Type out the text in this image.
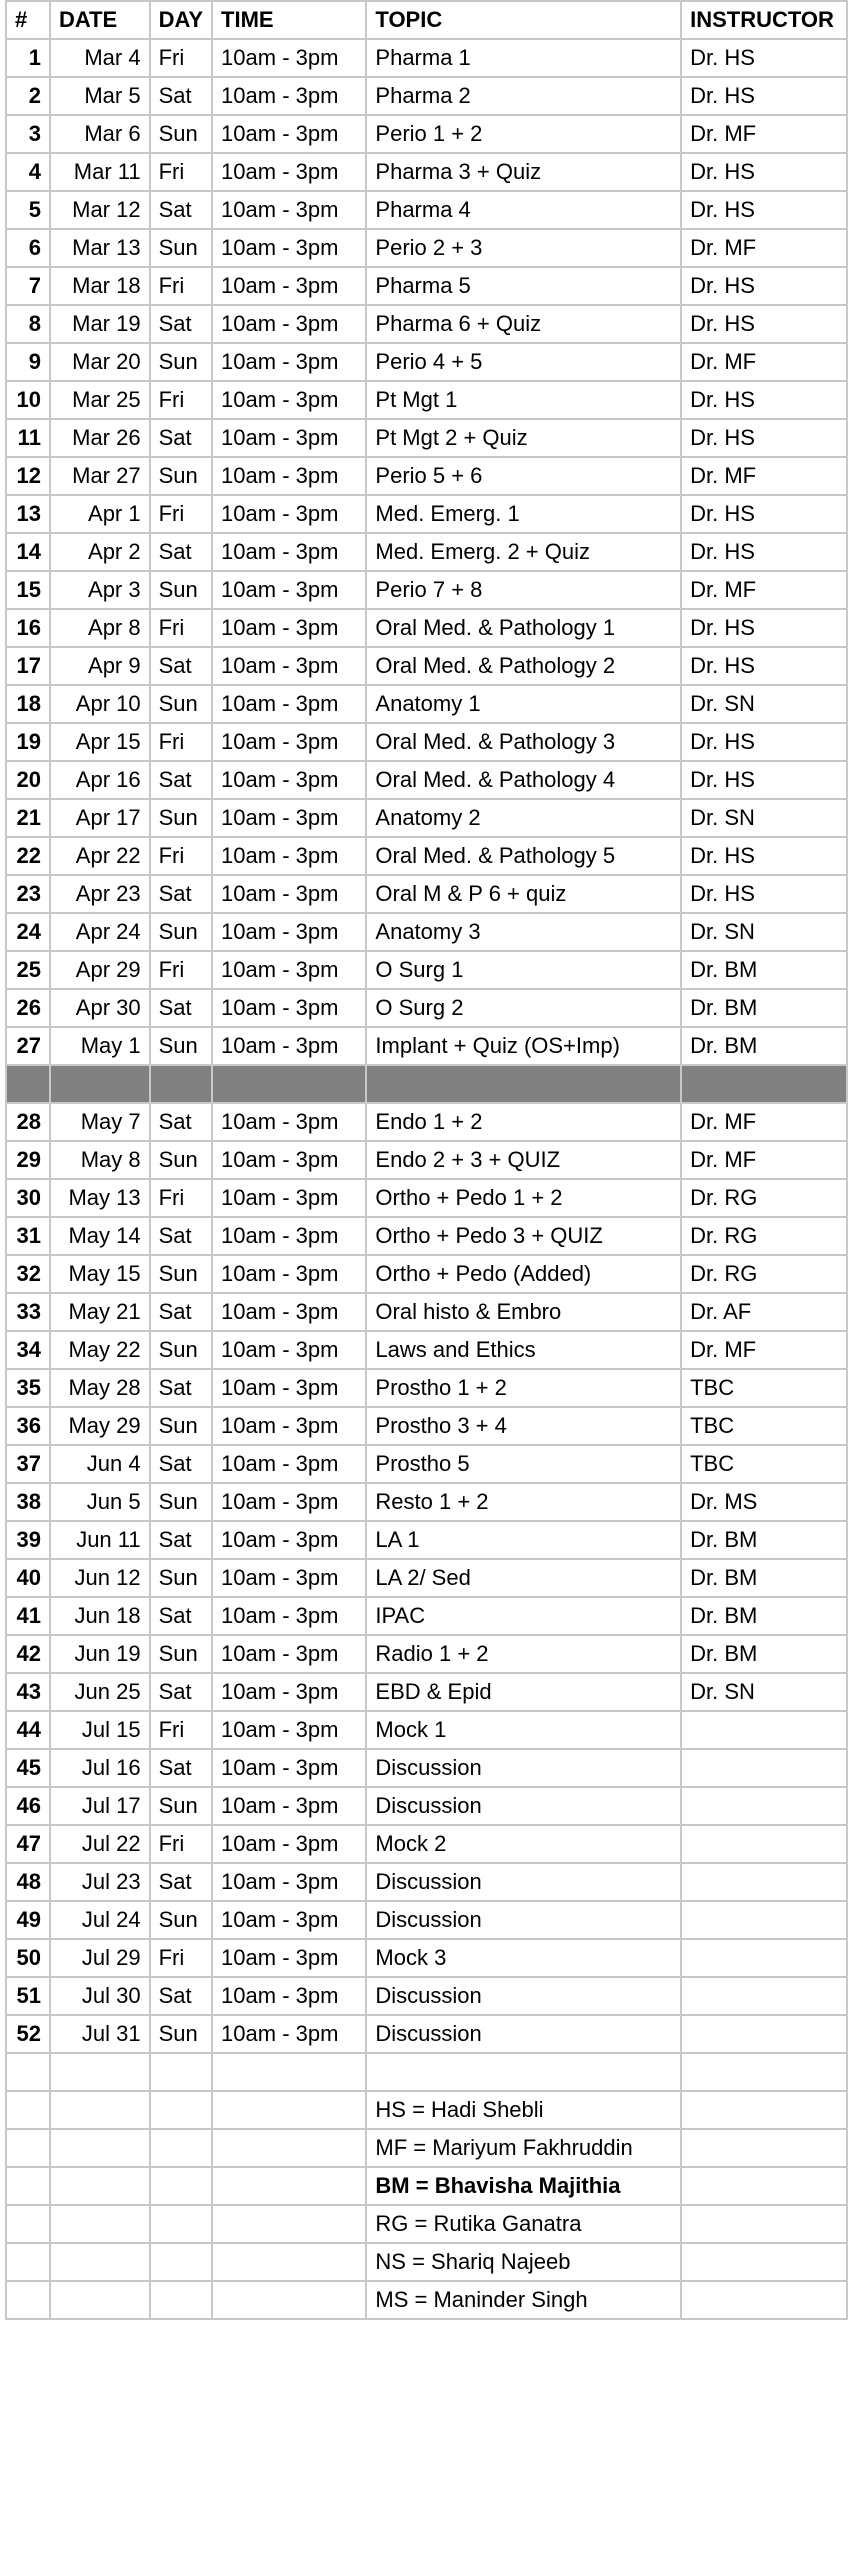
#	DATE	DAY	TIME	TOPIC	INSTRUCTOR
1	Mar 4	Fri	10am - 3pm	Pharma 1	Dr. HS
2	Mar 5	Sat	10am - 3pm	Pharma 2	Dr. HS
3	Mar 6	Sun	10am - 3pm	Perio 1 + 2	Dr. MF
4	Mar 11	Fri	10am - 3pm	Pharma 3 + Quiz	Dr. HS
5	Mar 12	Sat	10am - 3pm	Pharma 4	Dr. HS
6	Mar 13	Sun	10am - 3pm	Perio 2 + 3	Dr. MF
7	Mar 18	Fri	10am - 3pm	Pharma 5	Dr. HS
8	Mar 19	Sat	10am - 3pm	Pharma 6 + Quiz	Dr. HS
9	Mar 20	Sun	10am - 3pm	Perio 4 + 5	Dr. MF
10	Mar 25	Fri	10am - 3pm	Pt Mgt 1	Dr. HS
11	Mar 26	Sat	10am - 3pm	Pt Mgt 2 + Quiz	Dr. HS
12	Mar 27	Sun	10am - 3pm	Perio 5 + 6	Dr. MF
13	Apr 1	Fri	10am - 3pm	Med. Emerg. 1	Dr. HS
14	Apr 2	Sat	10am - 3pm	Med. Emerg. 2 + Quiz	Dr. HS
15	Apr 3	Sun	10am - 3pm	Perio 7 + 8	Dr. MF
16	Apr 8	Fri	10am - 3pm	Oral Med. & Pathology 1	Dr. HS
17	Apr 9	Sat	10am - 3pm	Oral Med. & Pathology 2	Dr. HS
18	Apr 10	Sun	10am - 3pm	Anatomy 1	Dr. SN
19	Apr 15	Fri	10am - 3pm	Oral Med. & Pathology 3	Dr. HS
20	Apr 16	Sat	10am - 3pm	Oral Med. & Pathology 4	Dr. HS
21	Apr 17	Sun	10am - 3pm	Anatomy 2	Dr. SN
22	Apr 22	Fri	10am - 3pm	Oral Med. & Pathology 5	Dr. HS
23	Apr 23	Sat	10am - 3pm	Oral M & P 6 + quiz	Dr. HS
24	Apr 24	Sun	10am - 3pm	Anatomy 3	Dr. SN
25	Apr 29	Fri	10am - 3pm	O Surg 1	Dr. BM
26	Apr 30	Sat	10am - 3pm	O Surg 2	Dr. BM
27	May 1	Sun	10am - 3pm	Implant + Quiz (OS+Imp)	Dr. BM

28	May 7	Sat	10am - 3pm	Endo 1 + 2	Dr. MF
29	May 8	Sun	10am - 3pm	Endo 2 + 3 + QUIZ	Dr. MF
30	May 13	Fri	10am - 3pm	Ortho + Pedo 1 + 2	Dr. RG
31	May 14	Sat	10am - 3pm	Ortho + Pedo 3 + QUIZ	Dr. RG
32	May 15	Sun	10am - 3pm	Ortho + Pedo (Added)	Dr. RG
33	May 21	Sat	10am - 3pm	Oral histo & Embro	Dr. AF
34	May 22	Sun	10am - 3pm	Laws and Ethics	Dr. MF
35	May 28	Sat	10am - 3pm	Prostho 1 + 2	TBC
36	May 29	Sun	10am - 3pm	Prostho 3 + 4	TBC
37	Jun 4	Sat	10am - 3pm	Prostho 5	TBC
38	Jun 5	Sun	10am - 3pm	Resto 1 + 2	Dr. MS
39	Jun 11	Sat	10am - 3pm	LA 1	Dr. BM
40	Jun 12	Sun	10am - 3pm	LA 2/ Sed	Dr. BM
41	Jun 18	Sat	10am - 3pm	IPAC	Dr. BM
42	Jun 19	Sun	10am - 3pm	Radio 1 + 2	Dr. BM
43	Jun 25	Sat	10am - 3pm	EBD & Epid	Dr. SN
44	Jul 15	Fri	10am - 3pm	Mock 1	
45	Jul 16	Sat	10am - 3pm	Discussion	
46	Jul 17	Sun	10am - 3pm	Discussion	
47	Jul 22	Fri	10am - 3pm	Mock 2	
48	Jul 23	Sat	10am - 3pm	Discussion	
49	Jul 24	Sun	10am - 3pm	Discussion	
50	Jul 29	Fri	10am - 3pm	Mock 3	
51	Jul 30	Sat	10am - 3pm	Discussion	
52	Jul 31	Sun	10am - 3pm	Discussion	

				HS = Hadi Shebli	
				MF = Mariyum Fakhruddin	
				BM = Bhavisha Majithia	
				RG = Rutika Ganatra	
				NS = Shariq Najeeb	
				MS = Maninder Singh	
